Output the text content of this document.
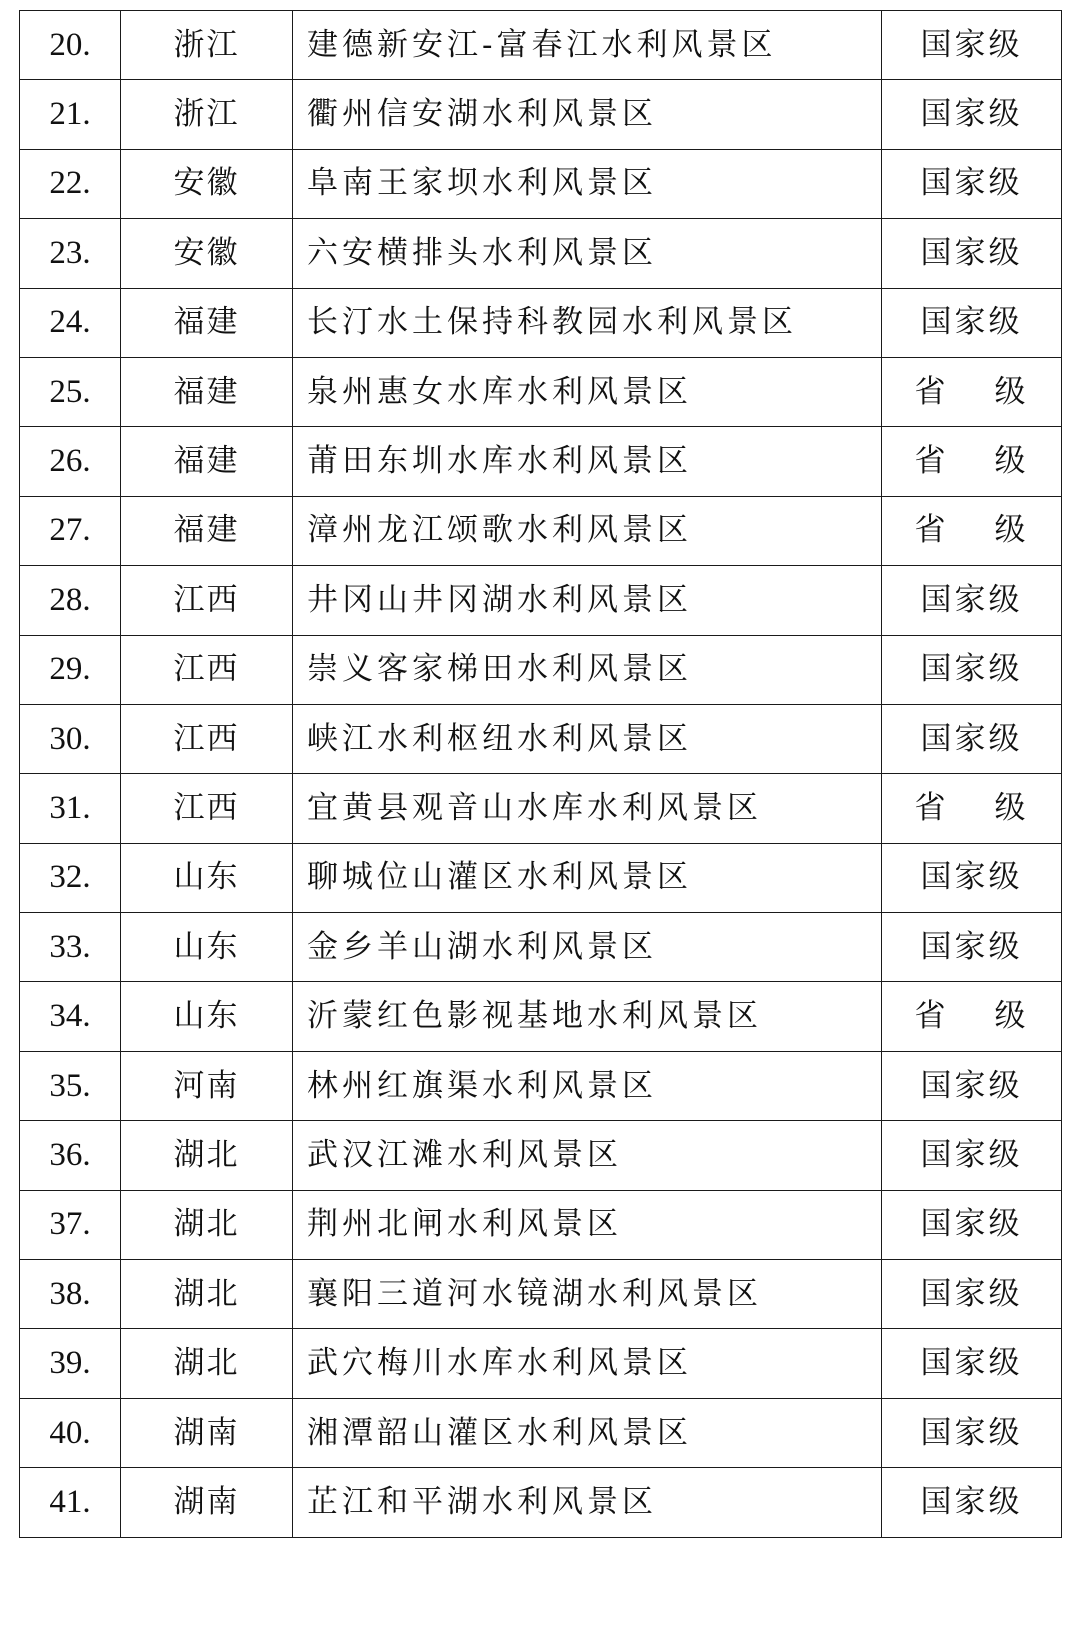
20.	浙江	建德新安江-富春江水利风景区	国家级
21.	浙江	衢州信安湖水利风景区	国家级
22.	安徽	阜南王家坝水利风景区	国家级
23.	安徽	六安横排头水利风景区	国家级
24.	福建	长汀水土保持科教园水利风景区	国家级
25.	福建	泉州惠女水库水利风景区	省 级
26.	福建	莆田东圳水库水利风景区	省 级
27.	福建	漳州龙江颂歌水利风景区	省 级
28.	江西	井冈山井冈湖水利风景区	国家级
29.	江西	崇义客家梯田水利风景区	国家级
30.	江西	峡江水利枢纽水利风景区	国家级
31.	江西	宜黄县观音山水库水利风景区	省 级
32.	山东	聊城位山灌区水利风景区	国家级
33.	山东	金乡羊山湖水利风景区	国家级
34.	山东	沂蒙红色影视基地水利风景区	省 级
35.	河南	林州红旗渠水利风景区	国家级
36.	湖北	武汉江滩水利风景区	国家级
37.	湖北	荆州北闸水利风景区	国家级
38.	湖北	襄阳三道河水镜湖水利风景区	国家级
39.	湖北	武穴梅川水库水利风景区	国家级
40.	湖南	湘潭韶山灌区水利风景区	国家级
41.	湖南	芷江和平湖水利风景区	国家级
